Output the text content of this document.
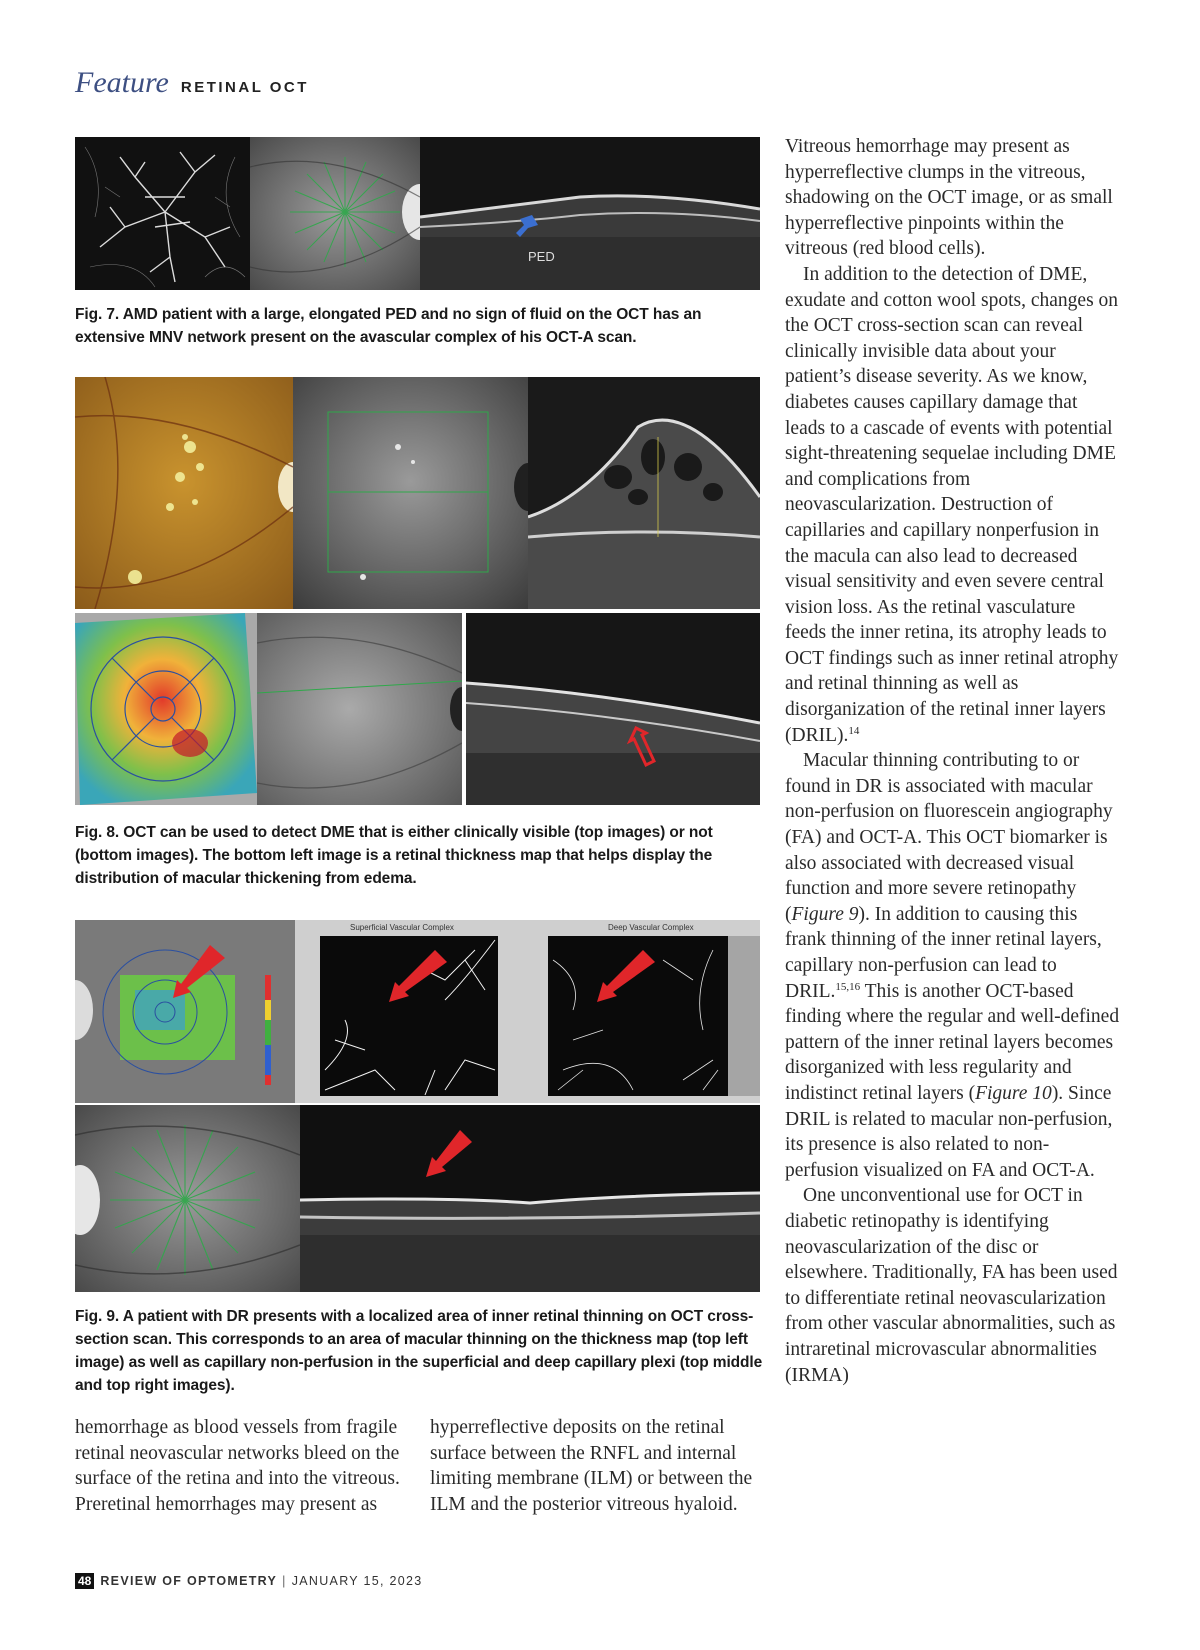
Feature RETINAL OCT
PED
Fig. 7. AMD patient with a large, elongated PED and no sign of fluid on the OCT has an extensive MNV network present on the avascular complex of his OCT-A scan.
Fig. 8. OCT can be used to detect DME that is either clinically visible (top images) or not (bottom images). The bottom left image is a retinal thickness map that helps display the distribution of macular thickening from edema.
Superficial Vascular Complex	Deep Vascular Complex
Fig. 9. A patient with DR presents with a localized area of inner retinal thinning on OCT cross-section scan. This corresponds to an area of macular thinning on the thickness map (top left image) as well as capillary non-perfusion in the superficial and deep capillary plexi (top middle and top right images).

hemorrhage as blood vessels from fragile retinal neovascular networks bleed on the surface of the retina and into the vitreous. Preretinal hemorrhages may present as

hyperreflective deposits on the retinal surface between the RNFL and internal limiting membrane (ILM) or between the ILM and the posterior vitreous hyaloid.

Vitreous hemorrhage may present as hyperreflective clumps in the vitreous, shadowing on the OCT image, or as small hyperreflective pinpoints within the vitreous (red blood cells).

In addition to the detection of DME, exudate and cotton wool spots, changes on the OCT cross-section scan can reveal clinically invisible data about your patient’s disease severity. As we know, diabetes causes capillary damage that leads to a cascade of events with potential sight-threatening sequelae including DME and complications from neovascularization. Destruction of capillaries and capillary nonperfusion in the macula can also lead to decreased visual sensitivity and even severe central vision loss. As the retinal vasculature feeds the inner retina, its atrophy leads to OCT findings such as inner retinal atrophy and retinal thinning as well as disorganization of the retinal inner layers (DRIL).$^{14}$

Macular thinning contributing to or found in DR is associated with macular non-perfusion on fluorescein angiography (FA) and OCT-A. This OCT biomarker is also associated with decreased visual function and more severe retinopathy (Figure 9). In addition to causing this frank thinning of the inner retinal layers, capillary non-perfusion can lead to DRIL.$^{15,16}$ This is another OCT-based finding where the regular and well-defined pattern of the inner retinal layers becomes disorganized with less regularity and indistinct retinal layers (Figure 10). Since DRIL is related to macular non-perfusion, its presence is also related to non-perfusion visualized on FA and OCT-A.

One unconventional use for OCT in diabetic retinopathy is identifying neovascularization of the disc or elsewhere. Traditionally, FA has been used to differentiate retinal neovascularization from other vascular abnormalities, such as intraretinal microvascular abnormalities (IRMA)

48 REVIEW OF OPTOMETRY | JANUARY 15, 2023
